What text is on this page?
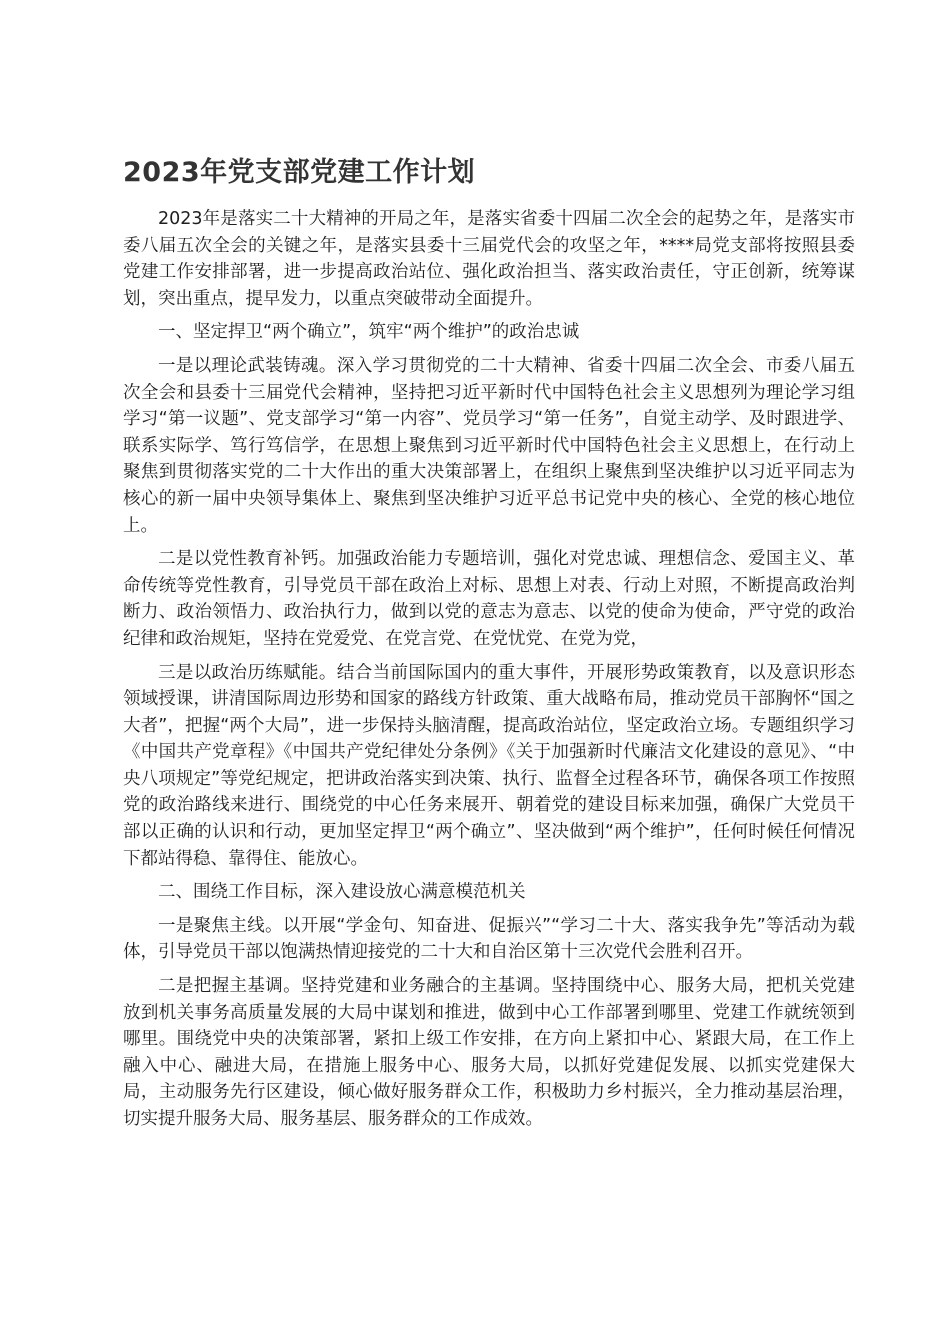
2023年党支部党建工作计划

2023年是落实二十大精神的开局之年，是落实省委十四届二次全会的起势之年，是落实市委八届五次全会的关键之年，是落实县委十三届党代会的攻坚之年，****局党支部将按照县委党建工作安排部署，进一步提高政治站位、强化政治担当、落实政治责任，守正创新，统筹谋划，突出重点，提早发力，以重点突破带动全面提升。

一、坚定捍卫“两个确立”，筑牢“两个维护”的政治忠诚

一是以理论武装铸魂。深入学习贯彻党的二十大精神、省委十四届二次全会、市委八届五次全会和县委十三届党代会精神，坚持把习近平新时代中国特色社会主义思想列为理论学习组学习“第一议题”、党支部学习“第一内容”、党员学习“第一任务”，自觉主动学、及时跟进学、联系实际学、笃行笃信学，在思想上聚焦到习近平新时代中国特色社会主义思想上，在行动上聚焦到贯彻落实党的二十大作出的重大决策部署上，在组织上聚焦到坚决维护以习近平同志为核心的新一届中央领导集体上、聚焦到坚决维护习近平总书记党中央的核心、全党的核心地位上。

二是以党性教育补钙。加强政治能力专题培训，强化对党忠诚、理想信念、爱国主义、革命传统等党性教育，引导党员干部在政治上对标、思想上对表、行动上对照，不断提高政治判断力、政治领悟力、政治执行力，做到以党的意志为意志、以党的使命为使命，严守党的政治纪律和政治规矩，坚持在党爱党、在党言党、在党忧党、在党为党，

三是以政治历练赋能。结合当前国际国内的重大事件，开展形势政策教育，以及意识形态领域授课，讲清国际周边形势和国家的路线方针政策、重大战略布局，推动党员干部胸怀“国之大者”，把握“两个大局”，进一步保持头脑清醒，提高政治站位，坚定政治立场。专题组织学习《中国共产党章程》《中国共产党纪律处分条例》《关于加强新时代廉洁文化建设的意见》、“中央八项规定”等党纪规定，把讲政治落实到决策、执行、监督全过程各环节，确保各项工作按照党的政治路线来进行、围绕党的中心任务来展开、朝着党的建设目标来加强，确保广大党员干部以正确的认识和行动，更加坚定捍卫“两个确立”、坚决做到“两个维护”，任何时候任何情况下都站得稳、靠得住、能放心。

二、围绕工作目标，深入建设放心满意模范机关

一是聚焦主线。以开展“学金句、知奋进、促振兴”“学习二十大、落实我争先”等活动为载体，引导党员干部以饱满热情迎接党的二十大和自治区第十三次党代会胜利召开。

二是把握主基调。坚持党建和业务融合的主基调。坚持围绕中心、服务大局，把机关党建放到机关事务高质量发展的大局中谋划和推进，做到中心工作部署到哪里、党建工作就统领到哪里。围绕党中央的决策部署，紧扣上级工作安排，在方向上紧扣中心、紧跟大局，在工作上融入中心、融进大局，在措施上服务中心、服务大局，以抓好党建促发展、以抓实党建保大局，主动服务先行区建设，倾心做好服务群众工作，积极助力乡村振兴，全力推动基层治理，切实提升服务大局、服务基层、服务群众的工作成效。
